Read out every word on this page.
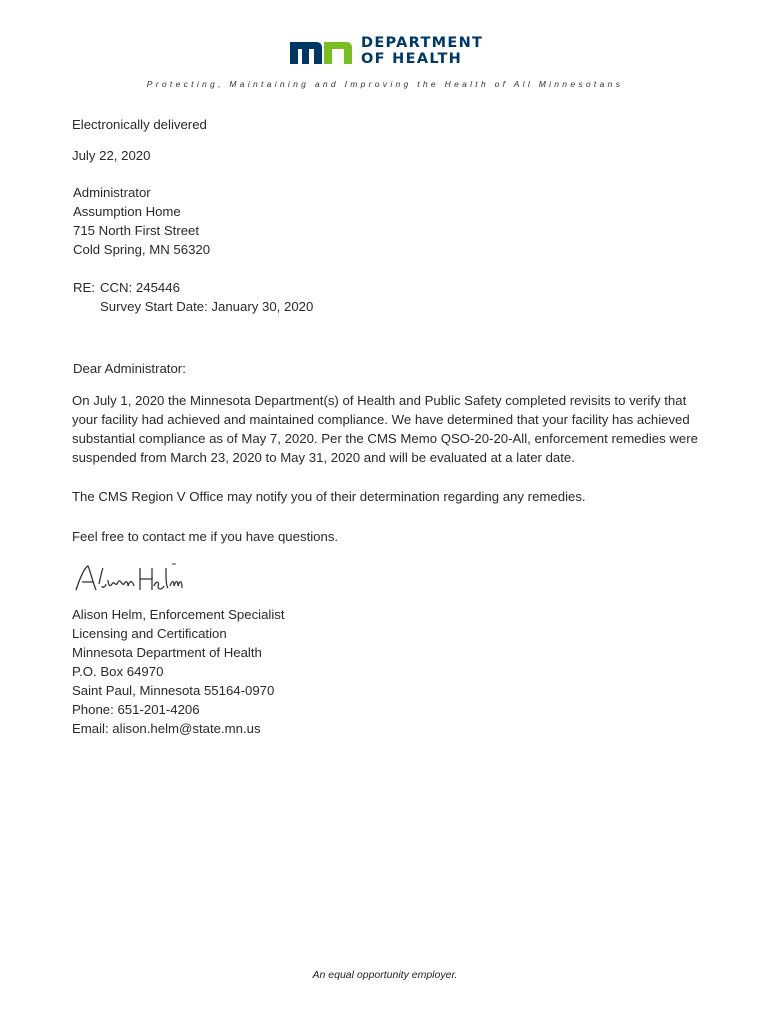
DEPARTMENT
OF HEALTH
Protecting, Maintaining and Improving the Health of All Minnesotans
Electronically delivered
July 22, 2020
Administrator
Assumption Home
715 North First Street
Cold Spring, MN 56320
RE: CCN: 245446
Survey Start Date: January 30, 2020
Dear Administrator:
On July 1, 2020 the Minnesota Department(s) of Health and Public Safety completed revisits to verify that your facility had achieved and maintained compliance. We have determined that your facility has achieved substantial compliance as of May 7, 2020. Per the CMS Memo QSO-20-20-All, enforcement remedies were suspended from March 23, 2020 to May 31, 2020 and will be evaluated at a later date.
The CMS Region V Office may notify you of their determination regarding any remedies.
Feel free to contact me if you have questions.
Alison Helm, Enforcement Specialist
Licensing and Certification
Minnesota Department of Health
P.O. Box 64970
Saint Paul, Minnesota 55164-0970
Phone: 651-201-4206
Email: alison.helm@state.mn.us
An equal opportunity employer.
